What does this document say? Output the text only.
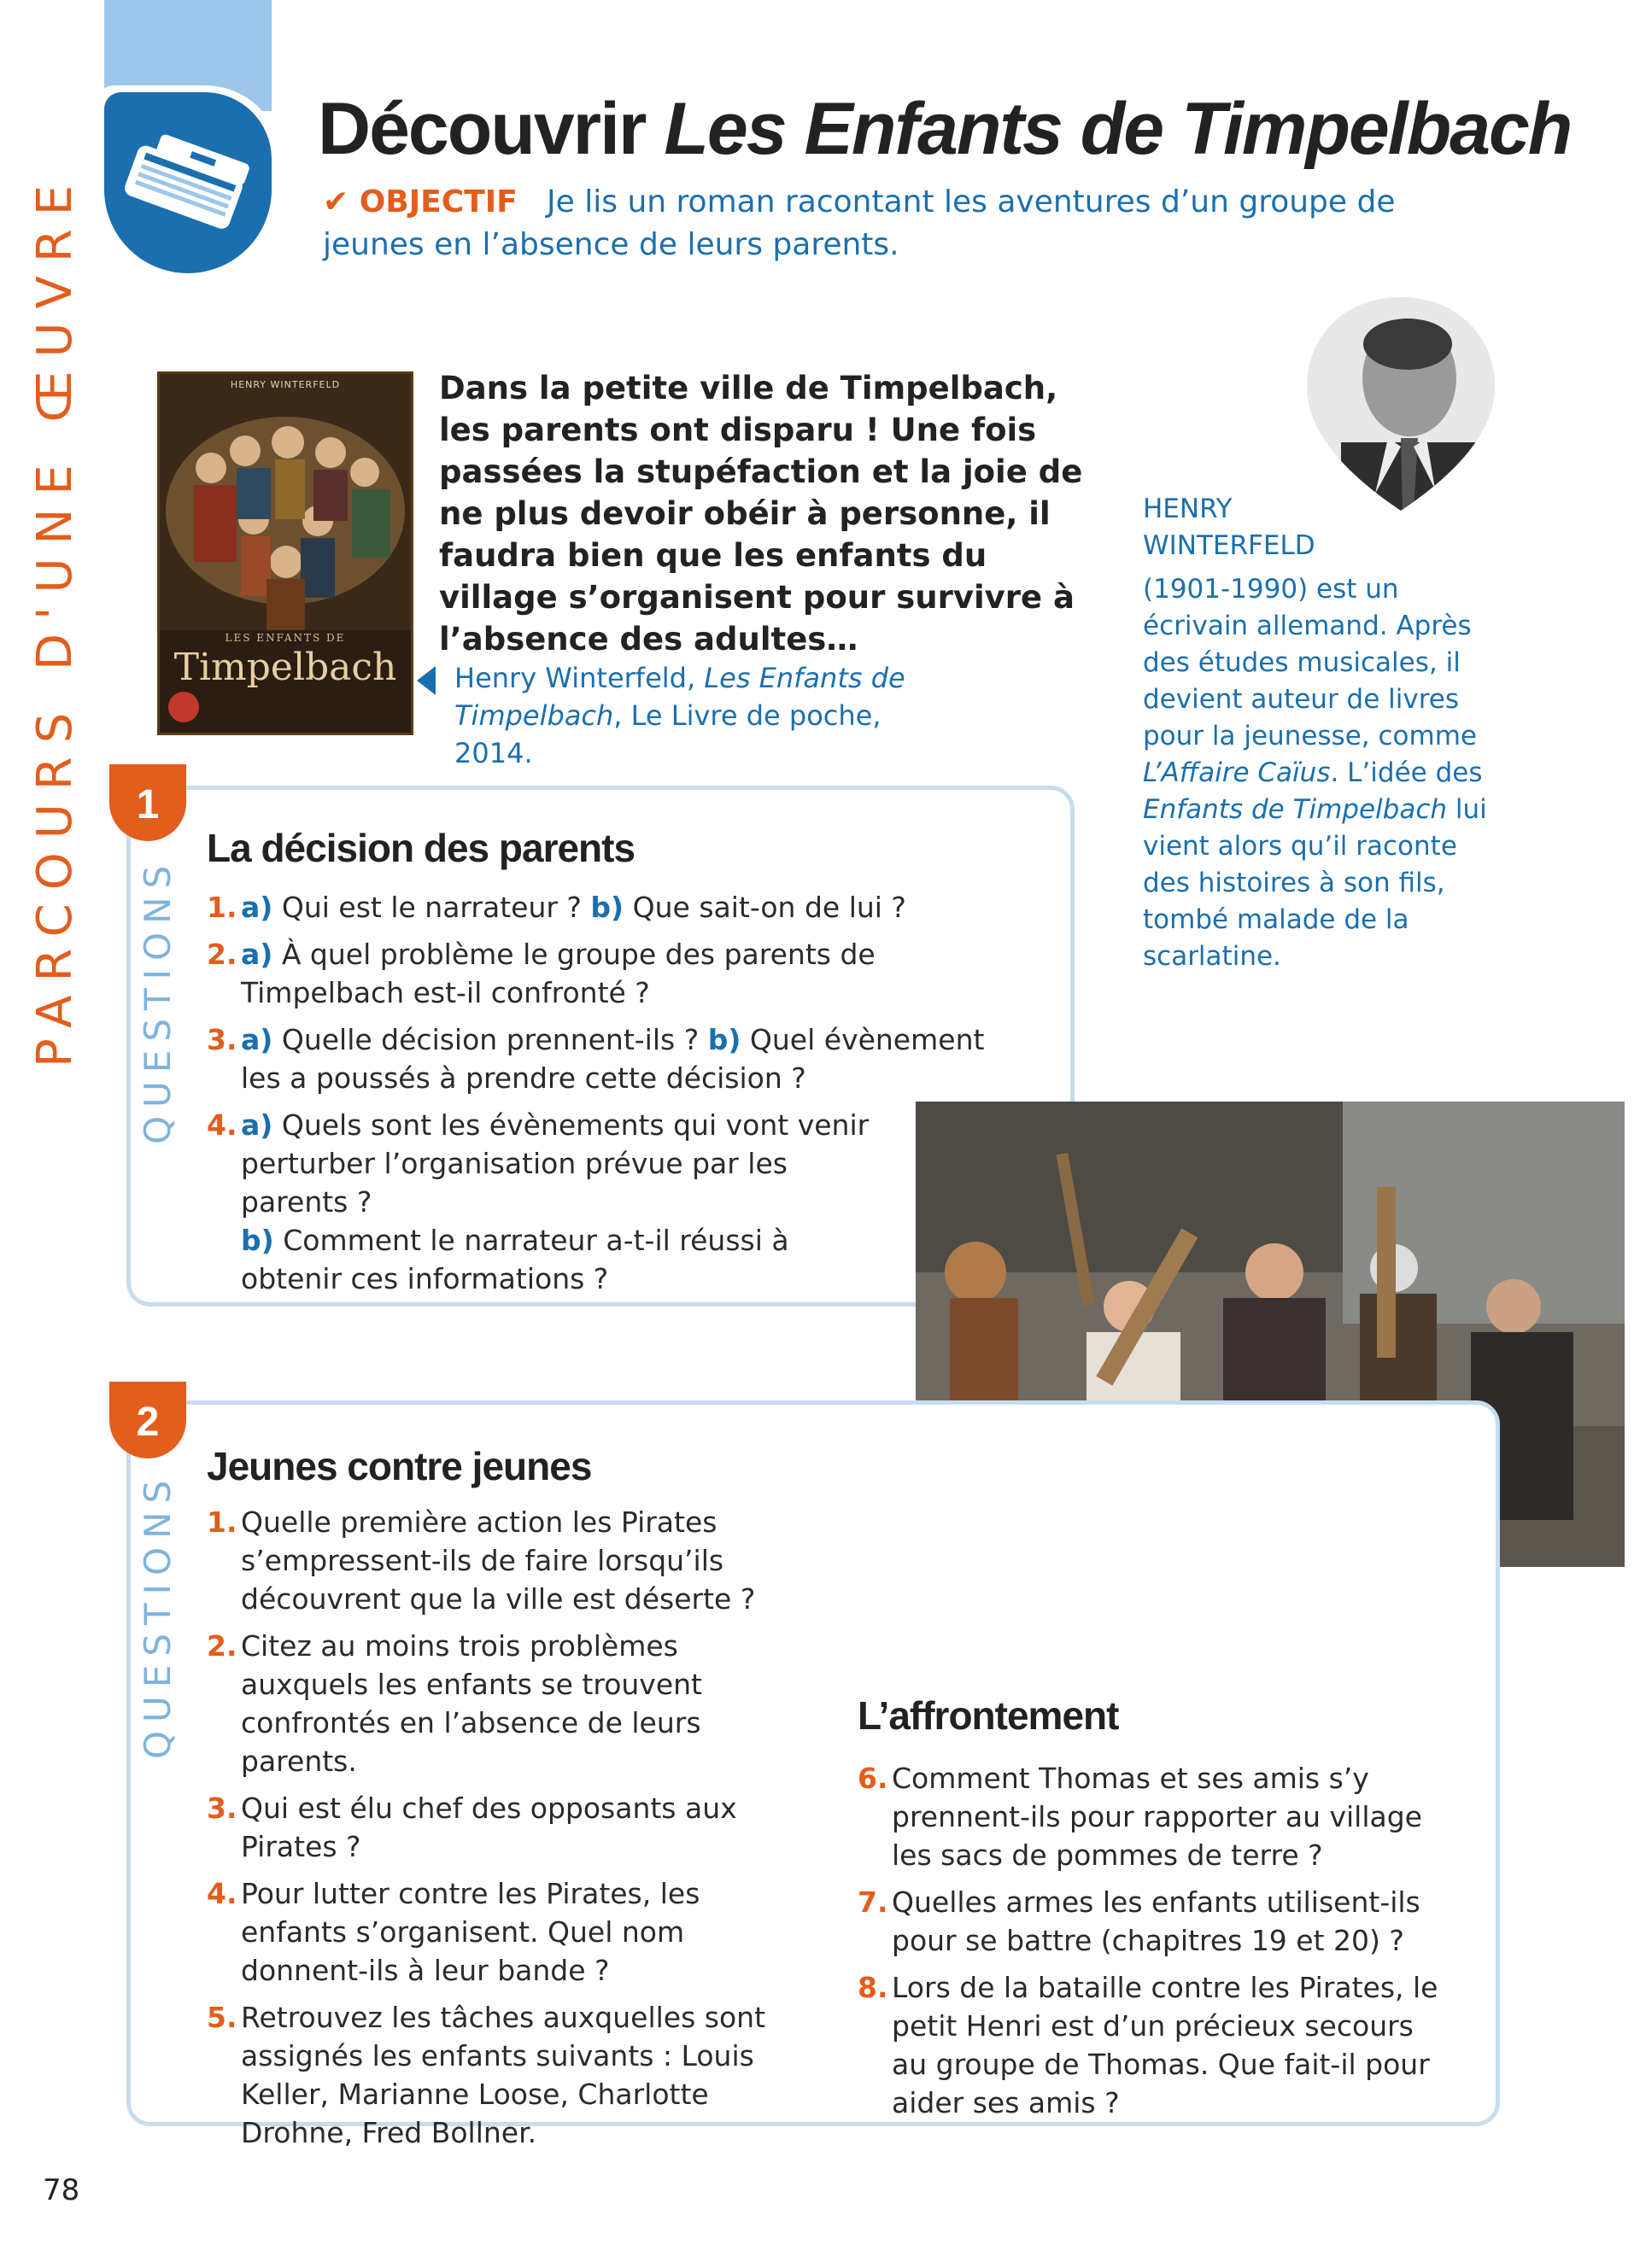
PARCOURS D'UNE ŒUVRE
Découvrir Les Enfants de Timpelbach
✔ OBJECTIF Je lis un roman racontant les aventures d’un groupe de jeunes en l’absence de leurs parents.
HENRY WINTERFELD
LES ENFANTS DE
Timpelbach
Dans la petite ville de Timpelbach, les parents ont disparu ! Une fois passées la stupéfaction et la joie de ne plus devoir obéir à personne, il faudra bien que les enfants du village s’organisent pour survivre à l’absence des adultes…
Henry Winterfeld, Les Enfants de Timpelbach, Le Livre de poche, 2014.
HENRY
WINTERFELD
(1901-1990) est un écrivain allemand. Après des études musicales, il devient auteur de livres pour la jeunesse, comme L’Affaire Caïus. L’idée des Enfants de Timpelbach lui vient alors qu’il raconte des histoires à son fils, tombé malade de la scarlatine.
1
QUESTIONS
La décision des parents
1. a) Qui est le narrateur ? b) Que sait-on de lui ?
2. a) À quel problème le groupe des parents de Timpelbach est-il confronté ?
3. a) Quelle décision prennent-ils ? b) Quel évènement les a poussés à prendre cette décision ?
4. a) Quels sont les évènements qui vont venir perturber l’organisation prévue par les parents ?
b) Comment le narrateur a-t-il réussi à obtenir ces informations ?
2
QUESTIONS
Jeunes contre jeunes
1. Quelle première action les Pirates s’empressent-ils de faire lorsqu’ils découvrent que la ville est déserte ?
2. Citez au moins trois problèmes auxquels les enfants se trouvent confrontés en l’absence de leurs parents.
3. Qui est élu chef des opposants aux Pirates ?
4. Pour lutter contre les Pirates, les enfants s’organisent. Quel nom donnent-ils à leur bande ?
5. Retrouvez les tâches auxquelles sont assignés les enfants suivants : Louis Keller, Marianne Loose, Charlotte Drohne, Fred Bollner.
L’affrontement
6. Comment Thomas et ses amis s’y prennent-ils pour rapporter au village les sacs de pommes de terre ?
7. Quelles armes les enfants utilisent-ils pour se battre (chapitres 19 et 20) ?
8. Lors de la bataille contre les Pirates, le petit Henri est d’un précieux secours au groupe de Thomas. Que fait-il pour aider ses amis ?
78
